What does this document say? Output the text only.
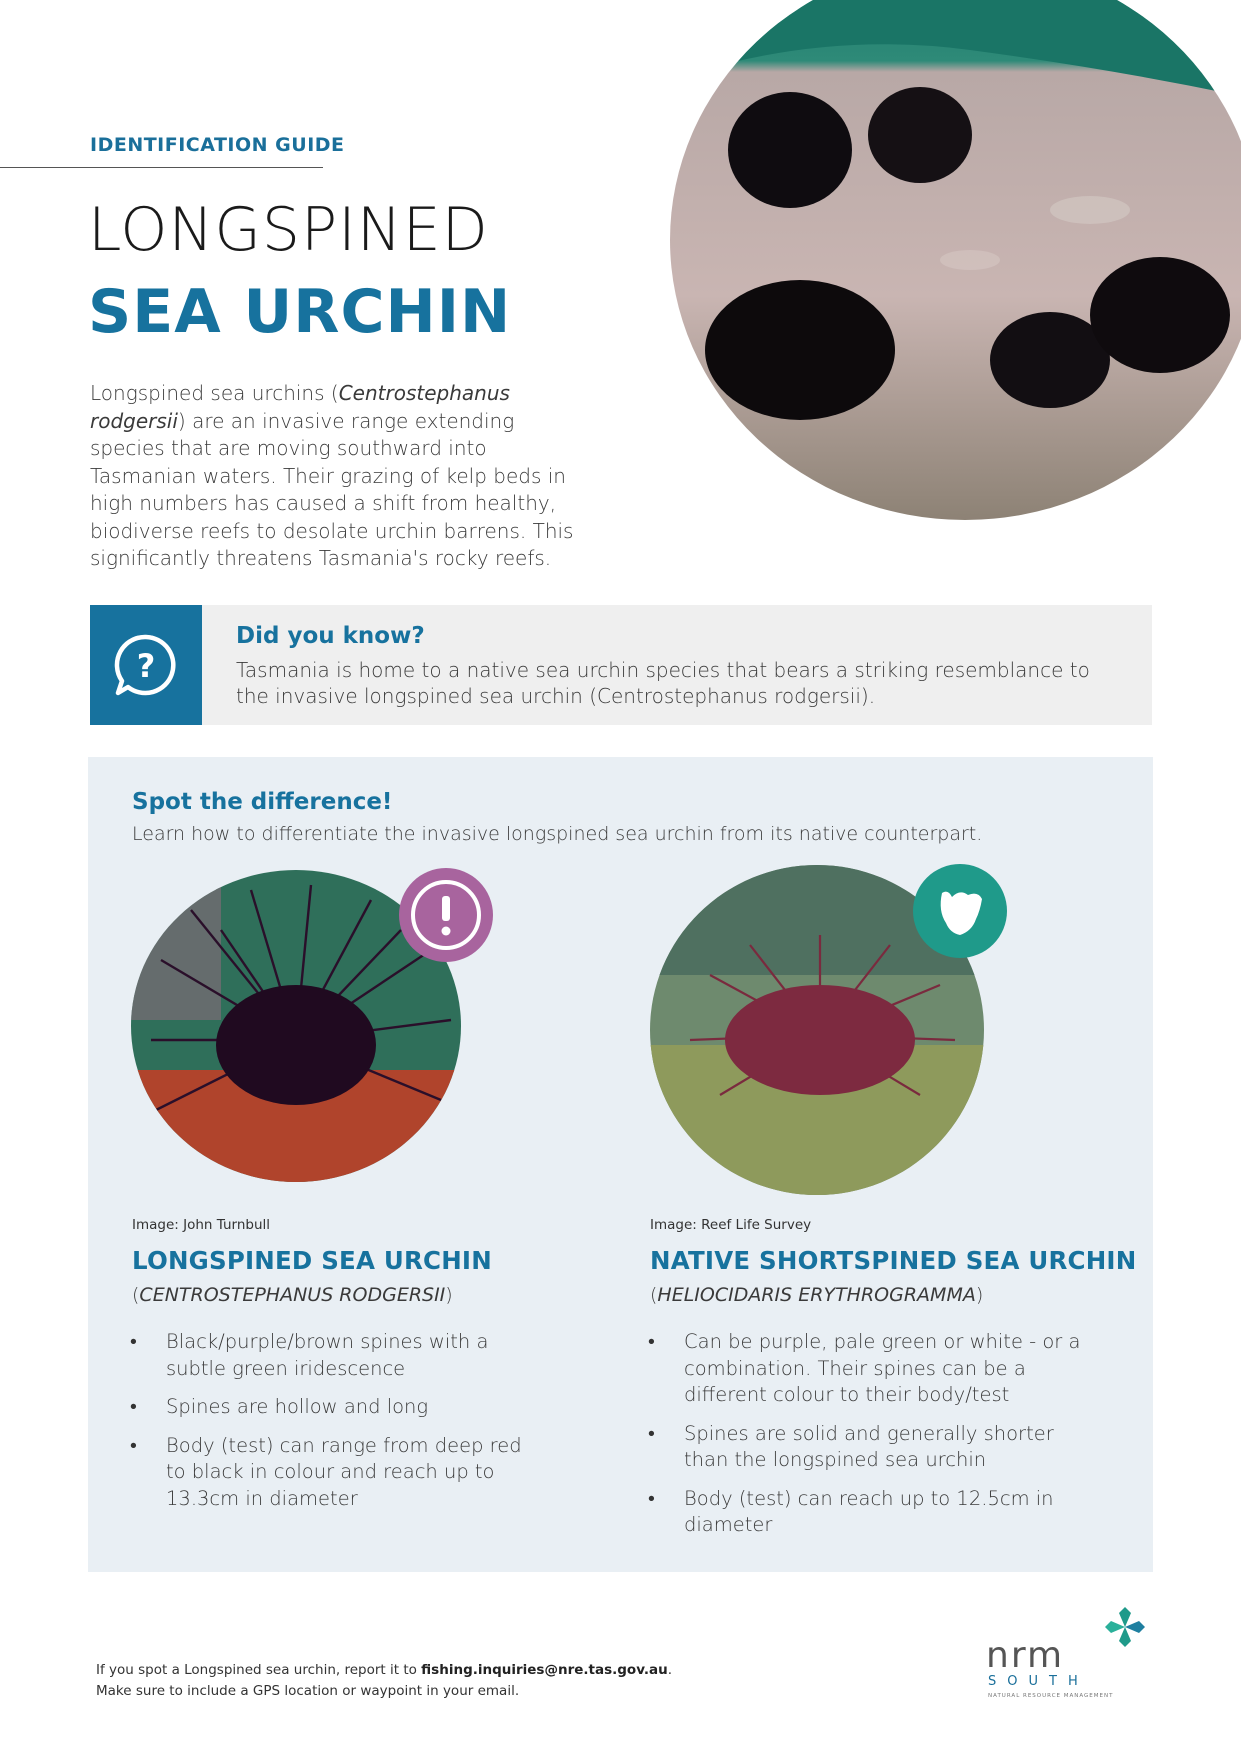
IDENTIFICATION GUIDE
LONGSPINED
SEA URCHIN
Longspined sea urchins (Centrostephanus rodgersii) are an invasive range extending species that are moving southward into Tasmanian waters. Their grazing of kelp beds in high numbers has caused a shift from healthy, biodiverse reefs to desolate urchin barrens. This significantly threatens Tasmania's rocky reefs.
?
Did you know?
Tasmania is home to a native sea urchin species that bears a striking resemblance to the invasive longspined sea urchin (Centrostephanus rodgersii).
Spot the difference!
Learn how to differentiate the invasive longspined sea urchin from its native counterpart.
Image: John Turnbull
LONGSPINED SEA URCHIN
(CENTROSTEPHANUS RODGERSII)
• Black/purple/brown spines with a subtle green iridescence
• Spines are hollow and long
• Body (test) can range from deep red to black in colour and reach up to 13.3cm in diameter
Image: Reef Life Survey
NATIVE SHORTSPINED SEA URCHIN
(HELIOCIDARIS ERYTHROGRAMMA)
• Can be purple, pale green or white - or a combination. Their spines can be a different colour to their body/test
• Spines are solid and generally shorter than the longspined sea urchin
• Body (test) can reach up to 12.5cm in diameter
If you spot a Longspined sea urchin, report it to fishing.inquiries@nre.tas.gov.au.
Make sure to include a GPS location or waypoint in your email.
nrm
SOUTH
NATURAL RESOURCE MANAGEMENT
